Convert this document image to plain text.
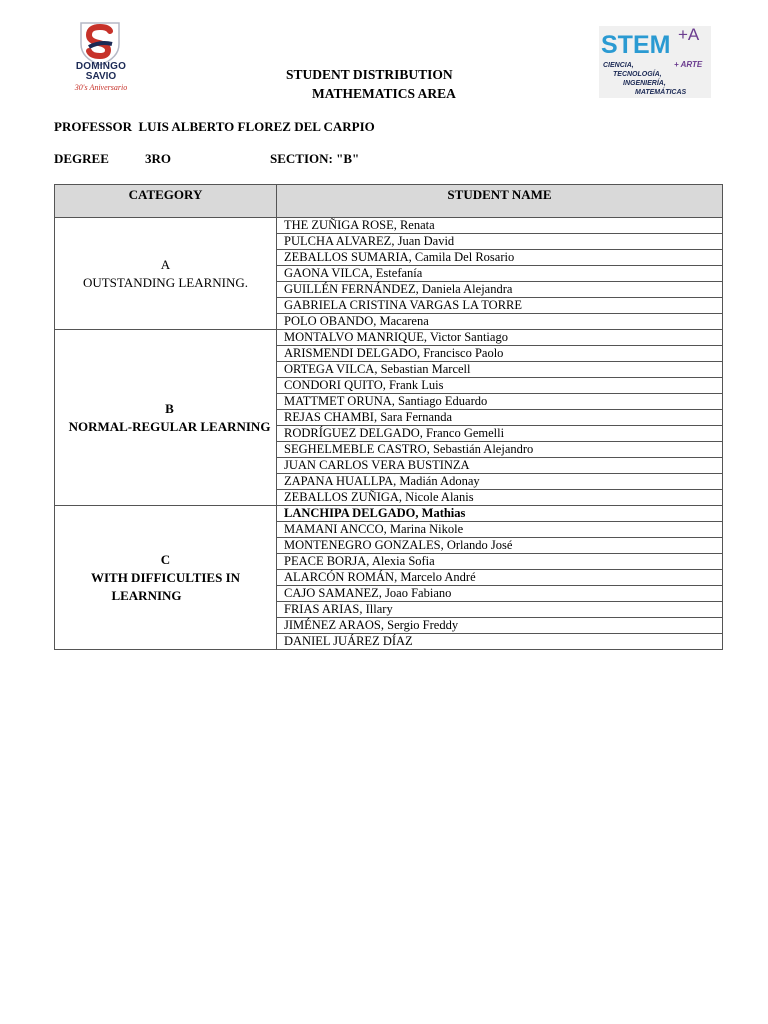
DOMINGO
SAVIO
30's Aniversario
STEM +A
+ ARTE
CIENCIA,
TECNOLOGÍA,
INGENIERÍA,
MATEMÁTICAS
STUDENT DISTRIBUTION
MATHEMATICS AREA
PROFESSOR LUIS ALBERTO FLOREZ DEL CARPIO
DEGREE	3RO	SECTION: "B"
CATEGORY	STUDENT NAME

A
OUTSTANDING LEARNING.	THE ZUÑIGA ROSE, Renata
	PULCHA ALVAREZ, Juan David
	ZEBALLOS SUMARIA, Camila Del Rosario
	GAONA VILCA, Estefanía
	GUILLÉN FERNÁNDEZ, Daniela Alejandra
	GABRIELA CRISTINA VARGAS LA TORRE
	POLO OBANDO, Macarena

B
NORMAL-REGULAR LEARNING	MONTALVO MANRIQUE, Victor Santiago
	ARISMENDI DELGADO, Francisco Paolo
	ORTEGA VILCA, Sebastian Marcell
	CONDORI QUITO, Frank Luis
	MATTMET ORUNA, Santiago Eduardo
	REJAS CHAMBI, Sara Fernanda
	RODRÍGUEZ DELGADO, Franco Gemelli
	SEGHELMEBLE CASTRO, Sebastián Alejandro
	JUAN CARLOS VERA BUSTINZA
	ZAPANA HUALLPA, Madián Adonay
	ZEBALLOS ZUÑIGA, Nicole Alanis

C
WITH DIFFICULTIES IN
LEARNING	LANCHIPA DELGADO, Mathias
	MAMANI ANCCO, Marina Nikole
	MONTENEGRO GONZALES, Orlando José
	PEACE BORJA, Alexia Sofia
	ALARCÓN ROMÁN, Marcelo André
	CAJO SAMANEZ, Joao Fabiano
	FRIAS ARIAS, Illary
	JIMÉNEZ ARAOS, Sergio Freddy
	DANIEL JUÁREZ DÍAZ
